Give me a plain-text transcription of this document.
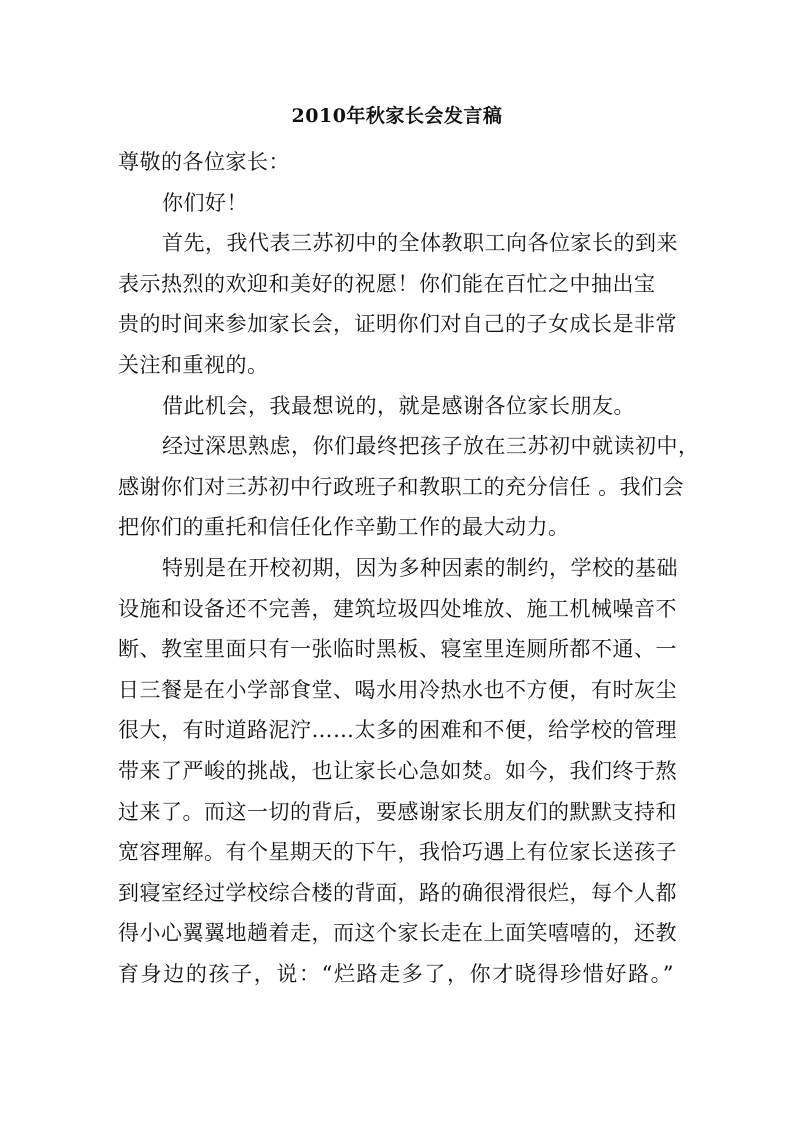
2010年秋家长会发言稿
尊敬的各位家长：
你们好！
首先，我代表三苏初中的全体教职工向各位家长的到来
表示热烈的欢迎和美好的祝愿！你们能在百忙之中抽出宝
贵的时间来参加家长会，证明你们对自己的子女成长是非常
关注和重视的。
借此机会，我最想说的，就是感谢各位家长朋友。
经过深思熟虑，你们最终把孩子放在三苏初中就读初中，
感谢你们对三苏初中行政班子和教职工的充分信任 。我们会
把你们的重托和信任化作辛勤工作的最大动力。
特别是在开校初期，因为多种因素的制约，学校的基础
设施和设备还不完善，建筑垃圾四处堆放、施工机械噪音不
断、教室里面只有一张临时黑板、寝室里连厕所都不通、一
日三餐是在小学部食堂、喝水用冷热水也不方便，有时灰尘
很大，有时道路泥泞……太多的困难和不便，给学校的管理
带来了严峻的挑战，也让家长心急如焚。如今，我们终于熬
过来了。而这一切的背后，要感谢家长朋友们的默默支持和
宽容理解。有个星期天的下午，我恰巧遇上有位家长送孩子
到寝室经过学校综合楼的背面，路的确很滑很烂，每个人都
得小心翼翼地趟着走，而这个家长走在上面笑嘻嘻的，还教
育身边的孩子，说：“烂路走多了，你才晓得珍惜好路。”
